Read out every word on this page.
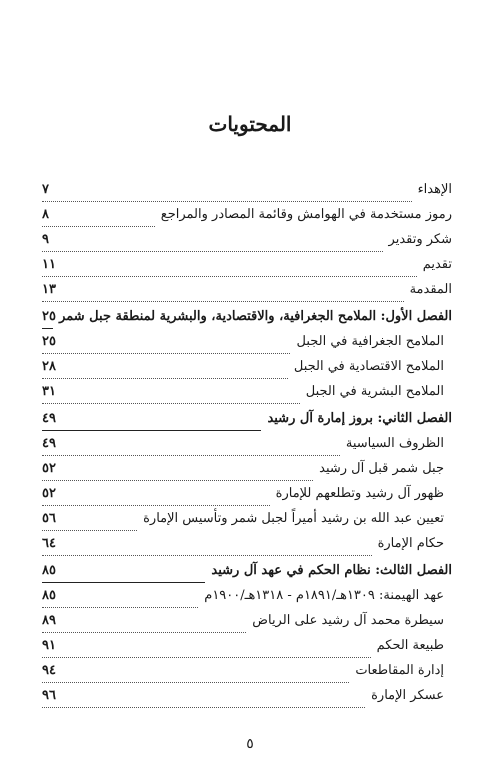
المحتويات
الإهداء
٧
رموز مستخدمة في الهوامش وقائمة المصادر والمراجع
٨
شكر وتقدير
٩
تقديم
١١
المقدمة
١٣
الفصل الأول: الملامح الجغرافية، والاقتصادية، والبشرية لمنطقة جبل شمر
٢٥
الملامح الجغرافية في الجبل
٢٥
الملامح الاقتصادية في الجبل
٢٨
الملامح البشرية في الجبل
٣١
الفصل الثاني: بروز إمارة آل رشيد
٤٩
الظروف السياسية
٤٩
جبل شمر قبل آل رشيد
٥٢
ظهور آل رشيد وتطلعهم للإمارة
٥٢
تعيين عبد الله بن رشيد أميراً لجبل شمر وتأسيس الإمارة
٥٦
حكام الإمارة
٦٤
الفصل الثالث: نظام الحكم في عهد آل رشيد
٨٥
عهد الهيمنة: ١٣٠٩هـ/١٨٩١م - ١٣١٨هـ/١٩٠٠م
٨٥
سيطرة محمد آل رشيد على الرياض
٨٩
طبيعة الحكم
٩١
إدارة المقاطعات
٩٤
عسكر الإمارة
٩٦
٥
